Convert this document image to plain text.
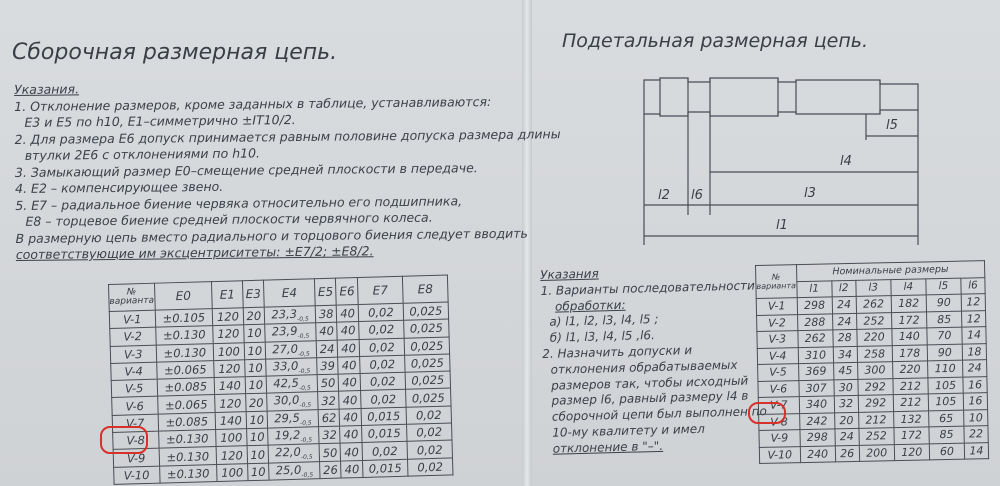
Сборочная размерная цепь.
Указания.
1. Отклонение размеров, кроме заданных в таблице, устанавливаются:
E3 и E5 по h10, E1–симметрично ±IT10/2.
2. Для размера E6 допуск принимается равным половине допуска размера длины
втулки 2E6 с отклонениями по h10.
3. Замыкающий размер E0–смещение средней плоскости в передаче.
4. E2 – компенсирующее звено.
5. E7 – радиальное биение червяка относительно его подшипника,
E8 – торцевое биение средней плоскости червячного колеса.
В размерную цепь вместо радиального и торцового биения следует вводить
соответствующие им эксцентриситеты: ±E7/2; ±E8/2.
№ варианта	E0	E1	E3	E4	E5	E6	E7	E8
V-1	±0.105	120	20	$23,3_{-0,5}$	38	40	0,02	0,025
V-2	±0.130	120	10	$23,9_{-0,5}$	40	40	0,02	0,025
V-3	±0.130	100	10	$27,0_{-0,5}$	24	40	0,02	0,025
V-4	±0.065	120	10	$33,0_{-0,5}$	39	40	0,02	0,025
V-5	±0.085	140	10	$42,5_{-0,5}$	50	40	0,02	0,025
V-6	±0.065	120	20	$30,0_{-0,5}$	32	40	0,02	0,025
V-7	±0.085	140	10	$29,5_{-0,5}$	62	40	0,015	0,02
V-8	±0.130	100	10	$19,2_{-0,5}$	32	40	0,015	0,02
V-9	±0.130	120	10	$22,0_{-0,5}$	50	40	0,02	0,02
V-10	±0.130	100	10	$25,0_{-0,5}$	26	40	0,015	0,02
Подетальная размерная цепь.
l2 l6	l3
l4
l5
l1
Указания
1. Варианты последовательности
обработки:
а) l1, l2, l3, l4, l5 ;
б) l1, l3, l4, l5 ,l6.
2. Назначить допуски и
отклонения обрабатываемых
размеров так, чтобы исходный
размер l6, равный размеру l4 в
сборочной цепи был выполнен по
10-му квалитету и имел
отклонение в "–".
№ варианта	Номинальные размеры					
	l1	l2	l3	l4	l5	l6
V-1	298	24	262	182	90	12
V-2	288	24	252	172	85	12
V-3	262	28	220	140	70	14
V-4	310	34	258	178	90	18
V-5	369	45	300	220	110	24
V-6	307	30	292	212	105	16
V-7	340	32	292	212	105	16
V-8	242	20	212	132	65	10
V-9	298	24	252	172	85	22
V-10	240	26	200	120	60	14
